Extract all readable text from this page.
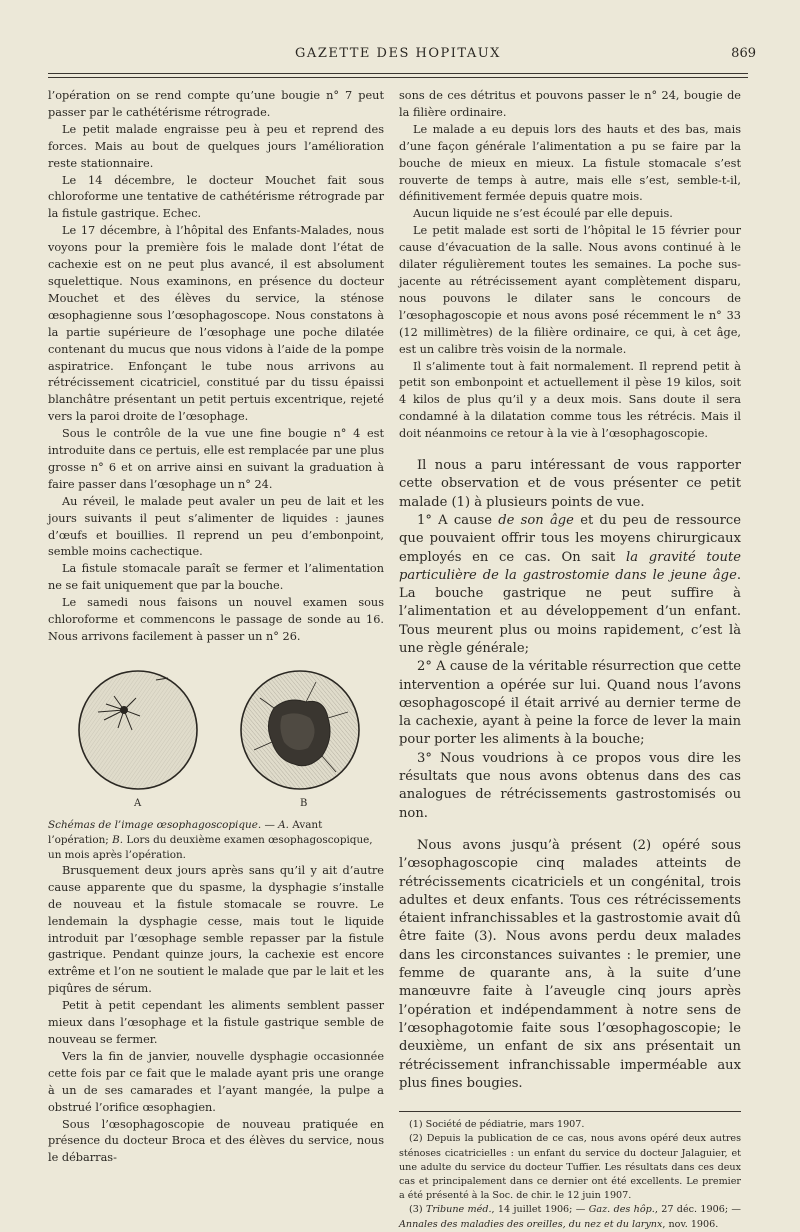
GAZETTE DES HOPITAUX	869

l’opération on se rend compte qu’une bougie n° 7 peut passer par le cathétérisme rétrograde.

Le petit malade engraisse peu à peu et reprend des forces. Mais au bout de quelques jours l’amélioration reste stationnaire.

Le 14 décembre, le docteur Mouchet fait sous chloroforme une tentative de cathétérisme rétrograde par la fistule gastrique. Echec.

Le 17 décembre, à l’hôpital des Enfants-Malades, nous voyons pour la première fois le malade dont l’état de cachexie est on ne peut plus avancé, il est absolument squelettique. Nous examinons, en présence du docteur Mouchet et des élèves du service, la sténose œsophagienne sous l’œsophagoscope. Nous constatons à la partie supérieure de l’œsophage une poche dilatée contenant du mucus que nous vidons à l’aide de la pompe aspiratrice. Enfonçant le tube nous arrivons au rétrécissement cicatriciel, constitué par du tissu épaissi blanchâtre présentant un petit pertuis excentrique, rejeté vers la paroi droite de l’œsophage.

Sous le contrôle de la vue une fine bougie n° 4 est introduite dans ce pertuis, elle est remplacée par une plus grosse n° 6 et on arrive ainsi en suivant la graduation à faire passer dans l’œsophage un n° 24.

Au réveil, le malade peut avaler un peu de lait et les jours suivants il peut s’alimenter de liquides : jaunes d’œufs et bouillies. Il reprend un peu d’embonpoint, semble moins cachectique.

La fistule stomacale paraît se fermer et l’alimentation ne se fait uniquement que par la bouche.

Le samedi nous faisons un nouvel examen sous chloroforme et commencons le passage de sonde au 16. Nous arrivons facilement à passer un n° 26.

A	B

Schémas de l’image œsophagoscopique. — A. Avant l’opération; B. Lors du deuxième examen œsophagoscopique, un mois après l’opération.

Brusquement deux jours après sans qu’il y ait d’autre cause apparente que du spasme, la dysphagie s’installe de nouveau et la fistule stomacale se rouvre. Le lendemain la dysphagie cesse, mais tout le liquide introduit par l’œsophage semble repasser par la fistule gastrique. Pendant quinze jours, la cachexie est encore extrême et l’on ne soutient le malade que par le lait et les piqûres de sérum.

Petit à petit cependant les aliments semblent passer mieux dans l’œsophage et la fistule gastrique semble de nouveau se fermer.

Vers la fin de janvier, nouvelle dysphagie occasionnée cette fois par ce fait que le malade ayant pris une orange à un de ses camarades et l’ayant mangée, la pulpe a obstrué l’orifice œsophagien.

Sous l’œsophagoscopie de nouveau pratiquée en présence du docteur Broca et des élèves du service, nous le débarras-

sons de ces détritus et pouvons passer le n° 24, bougie de la filière ordinaire.

Le malade a eu depuis lors des hauts et des bas, mais d’une façon générale l’alimentation a pu se faire par la bouche de mieux en mieux. La fistule stomacale s’est rouverte de temps à autre, mais elle s’est, semble-t-il, définitivement fermée depuis quatre mois.

Aucun liquide ne s’est écoulé par elle depuis.

Le petit malade est sorti de l’hôpital le 15 février pour cause d’évacuation de la salle. Nous avons continué à le dilater régulièrement toutes les semaines. La poche sus-jacente au rétrécissement ayant complètement disparu, nous pouvons le dilater sans le concours de l’œsophagoscopie et nous avons posé récemment le n° 33 (12 millimètres) de la filière ordinaire, ce qui, à cet âge, est un calibre très voisin de la normale.

Il s’alimente tout à fait normalement. Il reprend petit à petit son embonpoint et actuellement il pèse 19 kilos, soit 4 kilos de plus qu’il y a deux mois. Sans doute il sera condamné à la dilatation comme tous les rétrécis. Mais il doit néanmoins ce retour à la vie à l’œsophagoscopie.

Il nous a paru intéressant de vous rapporter cette observation et de vous présenter ce petit malade (1) à plusieurs points de vue.

1° A cause de son âge et du peu de ressource que pouvaient offrir tous les moyens chirurgicaux employés en ce cas. On sait la gravité toute particulière de la gastrostomie dans le jeune âge. La bouche gastrique ne peut suffire à l’alimentation et au développement d’un enfant. Tous meurent plus ou moins rapidement, c’est là une règle générale;

2° A cause de la véritable résurrection que cette intervention a opérée sur lui. Quand nous l’avons œsophagoscopé il était arrivé au dernier terme de la cachexie, ayant à peine la force de lever la main pour porter les aliments à la bouche;

3° Nous voudrions à ce propos vous dire les résultats que nous avons obtenus dans des cas analogues de rétrécissements gastrostomisés ou non.

Nous avons jusqu’à présent (2) opéré sous l’œsophagoscopie cinq malades atteints de rétrécissements cicatriciels et un congénital, trois adultes et deux enfants. Tous ces rétrécissements étaient infranchissables et la gastrostomie avait dû être faite (3). Nous avons perdu deux malades dans les circonstances suivantes : le premier, une femme de quarante ans, à la suite d’une manœuvre faite à l’aveugle cinq jours après l’opération et indépendamment à notre sens de l’œsophagotomie faite sous l’œsophagoscopie; le deuxième, un enfant de six ans présentait un rétrécissement infranchissable imperméable aux plus fines bougies.

(1) Société de pédiatrie, mars 1907.

(2) Depuis la publication de ce cas, nous avons opéré deux autres sténoses cicatricielles : un enfant du service du docteur Jalaguier, et une adulte du service du docteur Tuffier. Les résultats dans ces deux cas et principalement dans ce dernier ont été excellents. Le premier a été présenté à la Soc. de chir. le 12 juin 1907.

(3) Tribune méd., 14 juillet 1906; — Gaz. des hôp., 27 déc. 1906; — Annales des maladies des oreilles, du nez et du larynx, nov. 1906.
